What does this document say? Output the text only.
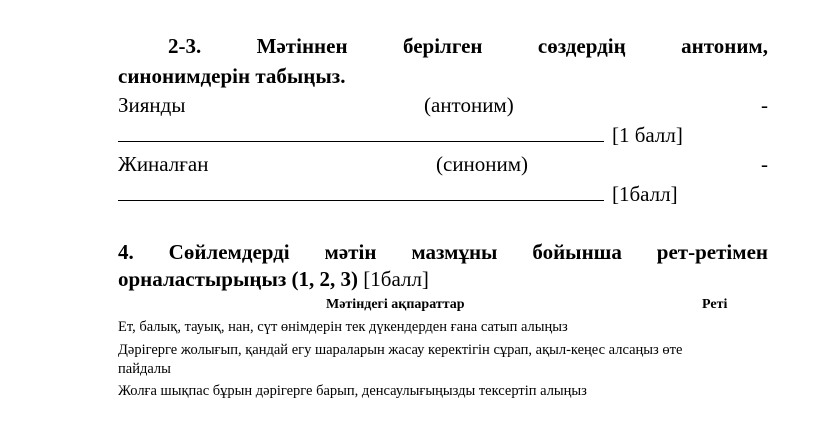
2-3. Мәтіннен берілген сөздердің антоним,
синонимдерін табыңыз.
Зиянды	(антоним)	-
[1 балл]
Жиналған	(синоним)	-
[1балл]
4. Сөйлемдерді мәтін мазмұны бойынша рет-ретімен
орналастырыңыз (1, 2, 3) [1балл]
Мәтіндегі ақпараттар	Реті
Ет, балық, тауық, нан, сүт өнімдерін тек дүкендерден ғана сатып алыңыз
Дәрігерге жолығып, қандай егу шараларын жасау керектігін сұрап, ақыл-кеңес алсаңыз өте пайдалы
Жолға шықпас бұрын дәрігерге барып, денсаулығыңызды тексертіп алыңыз
